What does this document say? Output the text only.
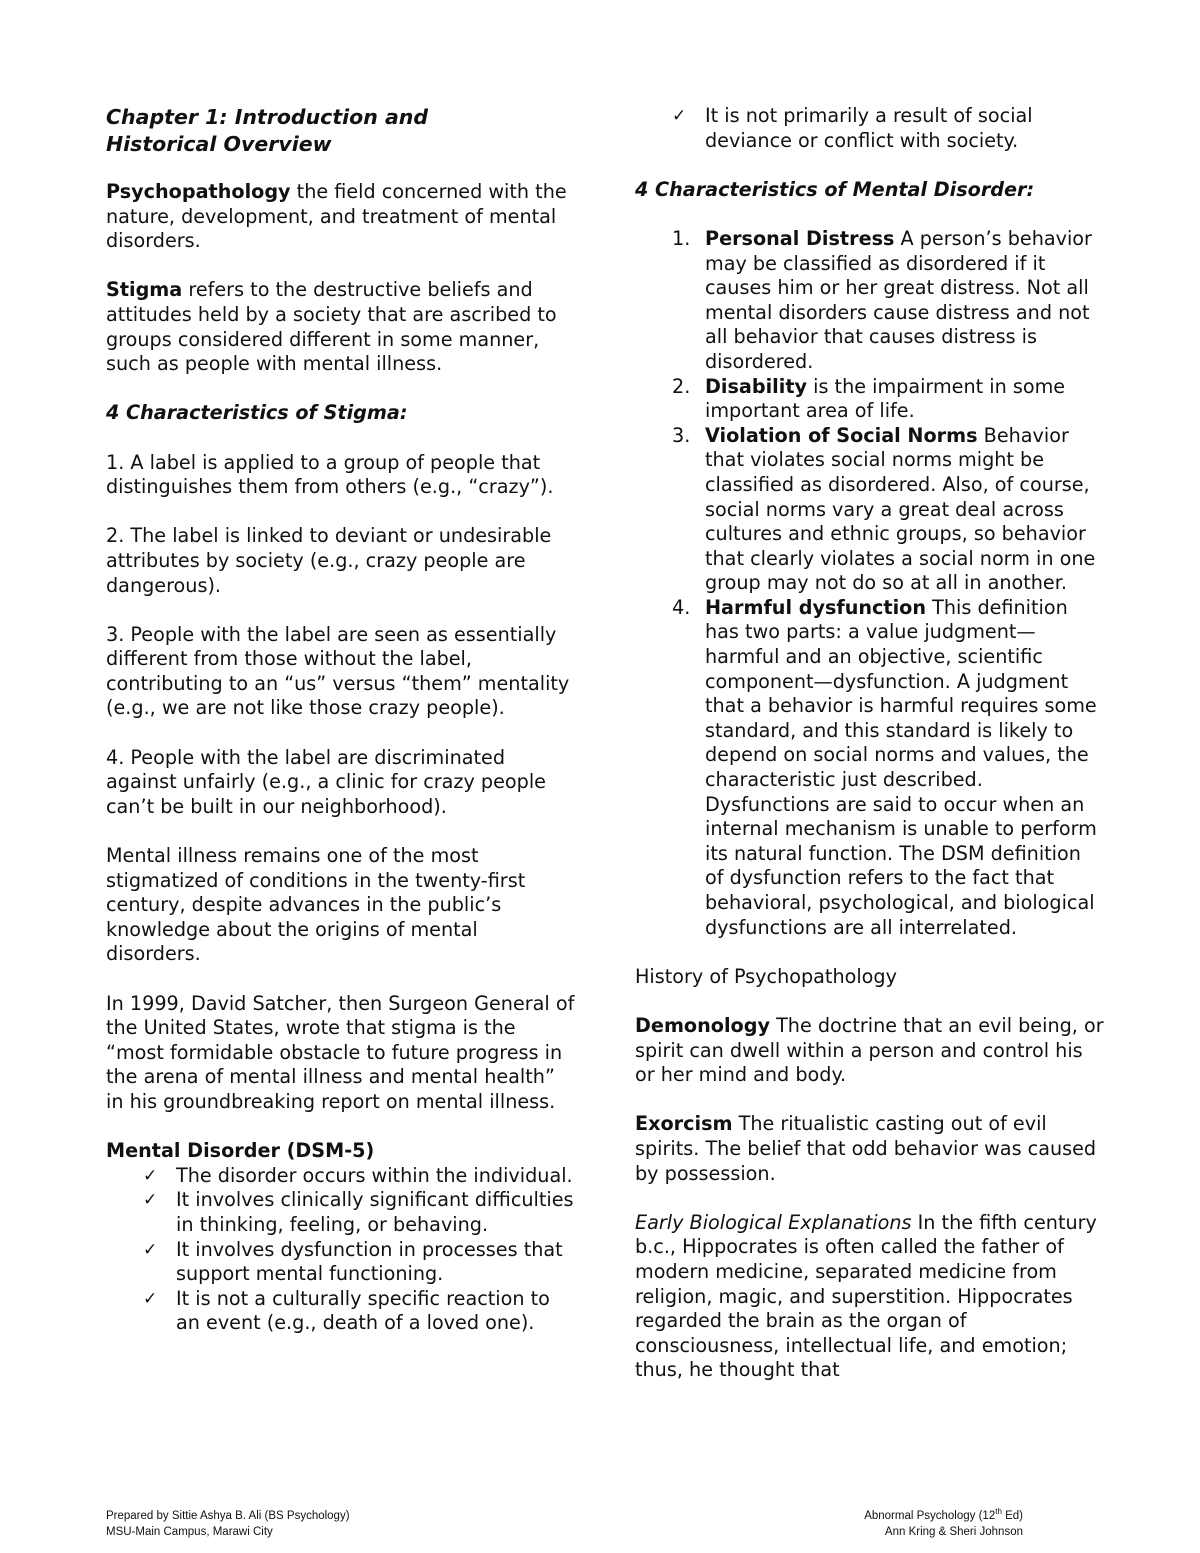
Chapter 1: Introduction and
Historical Overview

Psychopathology the field concerned with the nature, development, and treatment of mental disorders.

Stigma refers to the destructive beliefs and attitudes held by a society that are ascribed to groups considered different in some manner, such as people with mental illness.

4 Characteristics of Stigma:

1. A label is applied to a group of people that distinguishes them from others (e.g., “crazy”).

2. The label is linked to deviant or undesirable attributes by society (e.g., crazy people are dangerous).

3. People with the label are seen as essentially different from those without the label, contributing to an “us” versus “them” mentality (e.g., we are not like those crazy people).

4. People with the label are discriminated against unfairly (e.g., a clinic for crazy people can’t be built in our neighborhood).

Mental illness remains one of the most stigmatized of conditions in the twenty-first century, despite advances in the public’s knowledge about the origins of mental disorders.

In 1999, David Satcher, then Surgeon General of the United States, wrote that stigma is the “most formidable obstacle to future progress in the arena of mental illness and mental health” in his groundbreaking report on mental illness.

Mental Disorder (DSM-5)
✓ The disorder occurs within the individual.
✓ It involves clinically significant difficulties in thinking, feeling, or behaving.
✓ It involves dysfunction in processes that support mental functioning.
✓ It is not a culturally specific reaction to an event (e.g., death of a loved one).
✓ It is not primarily a result of social deviance or conflict with society.
4 Characteristics of Mental Disorder:
1. Personal Distress A person’s behavior may be classified as disordered if it causes him or her great distress. Not all mental disorders cause distress and not all behavior that causes distress is disordered.
2. Disability is the impairment in some important area of life.
3. Violation of Social Norms Behavior that violates social norms might be classified as disordered. Also, of course, social norms vary a great deal across cultures and ethnic groups, so behavior that clearly violates a social norm in one group may not do so at all in another.
4. Harmful dysfunction This definition has two parts: a value judgment—harmful and an objective, scientific component—dysfunction. A judgment that a behavior is harmful requires some standard, and this standard is likely to depend on social norms and values, the characteristic just described. Dysfunctions are said to occur when an internal mechanism is unable to perform its natural function. The DSM definition of dysfunction refers to the fact that behavioral, psychological, and biological dysfunctions are all interrelated.
History of Psychopathology

Demonology The doctrine that an evil being, or spirit can dwell within a person and control his or her mind and body.

Exorcism The ritualistic casting out of evil spirits. The belief that odd behavior was caused by possession.

Early Biological Explanations In the fifth century b.c., Hippocrates is often called the father of modern medicine, separated medicine from religion, magic, and superstition. Hippocrates regarded the brain as the organ of consciousness, intellectual life, and emotion; thus, he thought that

Prepared by Sittie Ashya B. Ali (BS Psychology)
MSU-Main Campus, Marawi City
Abnormal Psychology (12th Ed)
Ann Kring & Sheri Johnson
